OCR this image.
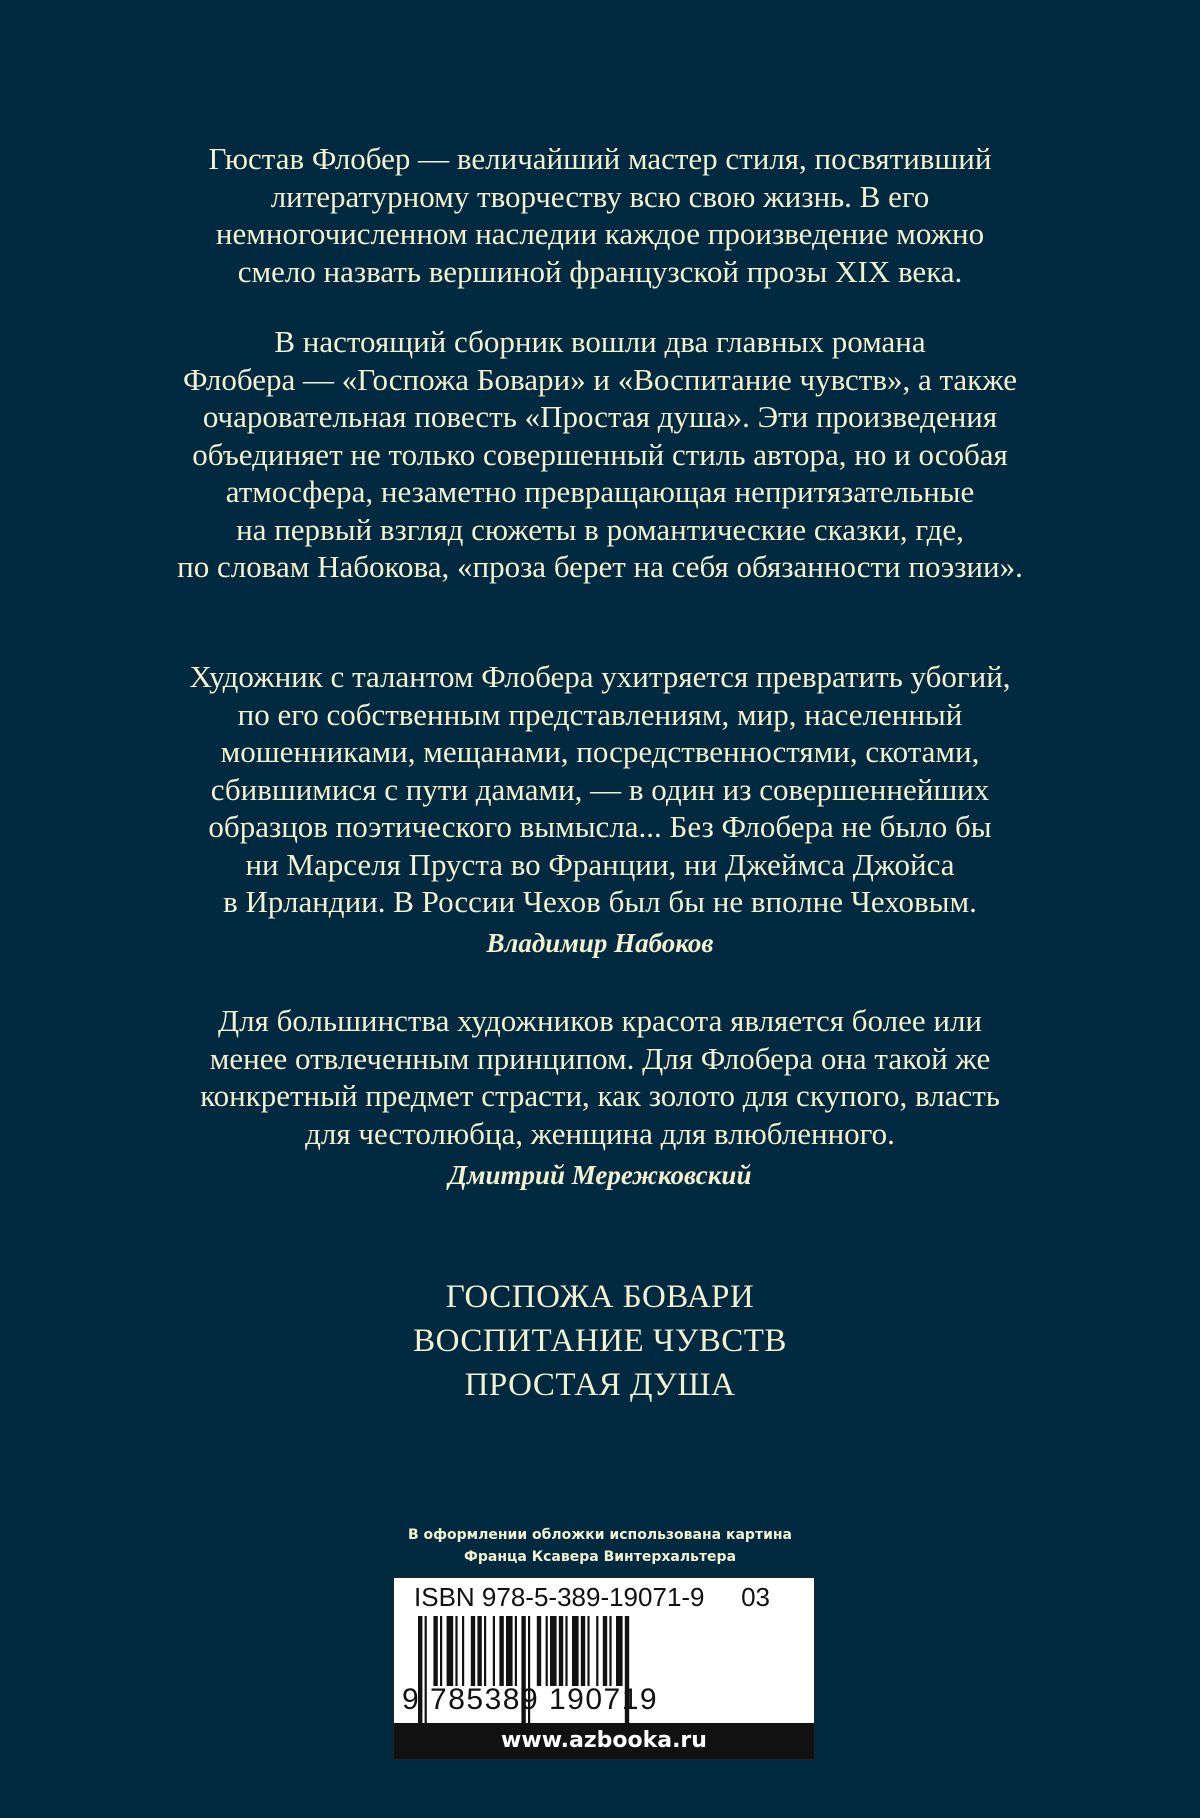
Гюстав Флобер — величайший мастер стиля, посвятивший
литературному творчеству всю свою жизнь. В его
немногочисленном наследии каждое произведение можно
смело назвать вершиной французской прозы XIX века.
В настоящий сборник вошли два главных романа
Флобера — «Госпожа Бовари» и «Воспитание чувств», а также
очаровательная повесть «Простая душа». Эти произведения
объединяет не только совершенный стиль автора, но и особая
атмосфера, незаметно превращающая непритязательные
на первый взгляд сюжеты в романтические сказки, где,
по словам Набокова, «проза берет на себя обязанности поэзии».
Художник с талантом Флобера ухитряется превратить убогий,
по его собственным представлениям, мир, населенный
мошенниками, мещанами, посредственностями, скотами,
сбившимися с пути дамами, — в один из совершеннейших
образцов поэтического вымысла... Без Флобера не было бы
ни Марселя Пруста во Франции, ни Джеймса Джойса
в Ирландии. В России Чехов был бы не вполне Чеховым.
Владимир Набоков
Для большинства художников красота является более или
менее отвлеченным принципом. Для Флобера она такой же
конкретный предмет страсти, как золото для скупого, власть
для честолюбца, женщина для влюбленного.
Дмитрий Мережковский
ГОСПОЖА БОВАРИ
ВОСПИТАНИЕ ЧУВСТВ
ПРОСТАЯ ДУША
В оформлении обложки использована картина
Франца Ксавера Винтерхальтера
ISBN 978-5-389-19071-9	03
9 785389 190719
www.azbooka.ru
